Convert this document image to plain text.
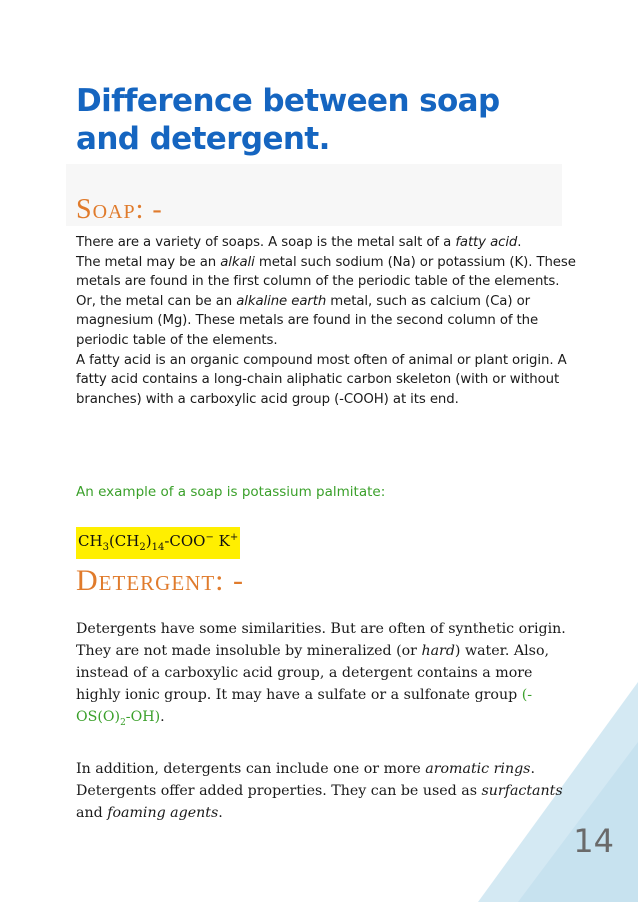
Difference between soap and detergent.
Soap: -

There are a variety of soaps. A soap is the metal salt of a fatty acid.

The metal may be an alkali metal such sodium (Na) or potassium (K). These metals are found in the first column of the periodic table of the elements. Or, the metal can be an alkaline earth metal, such as calcium (Ca) or magnesium (Mg). These metals are found in the second column of the periodic table of the elements.

A fatty acid is an organic compound most often of animal or plant origin. A fatty acid contains a long-chain aliphatic carbon skeleton (with or without branches) with a carboxylic acid group (-COOH) at its end.

An example of a soap is potassium palmitate:

$CH_3(CH_2)_{14}-COO^-$ K+

Detergent: -

Detergents have some similarities. But are often of synthetic origin. They are not made insoluble by mineralized (or hard) water. Also, instead of a carboxylic acid group, a detergent contains a more highly ionic group. It may have a sulfate or a sulfonate group $(-OS(O)_2-OH)$.

In addition, detergents can include one or more aromatic rings. Detergents offer added properties. They can be used as surfactants and foaming agents.

14
